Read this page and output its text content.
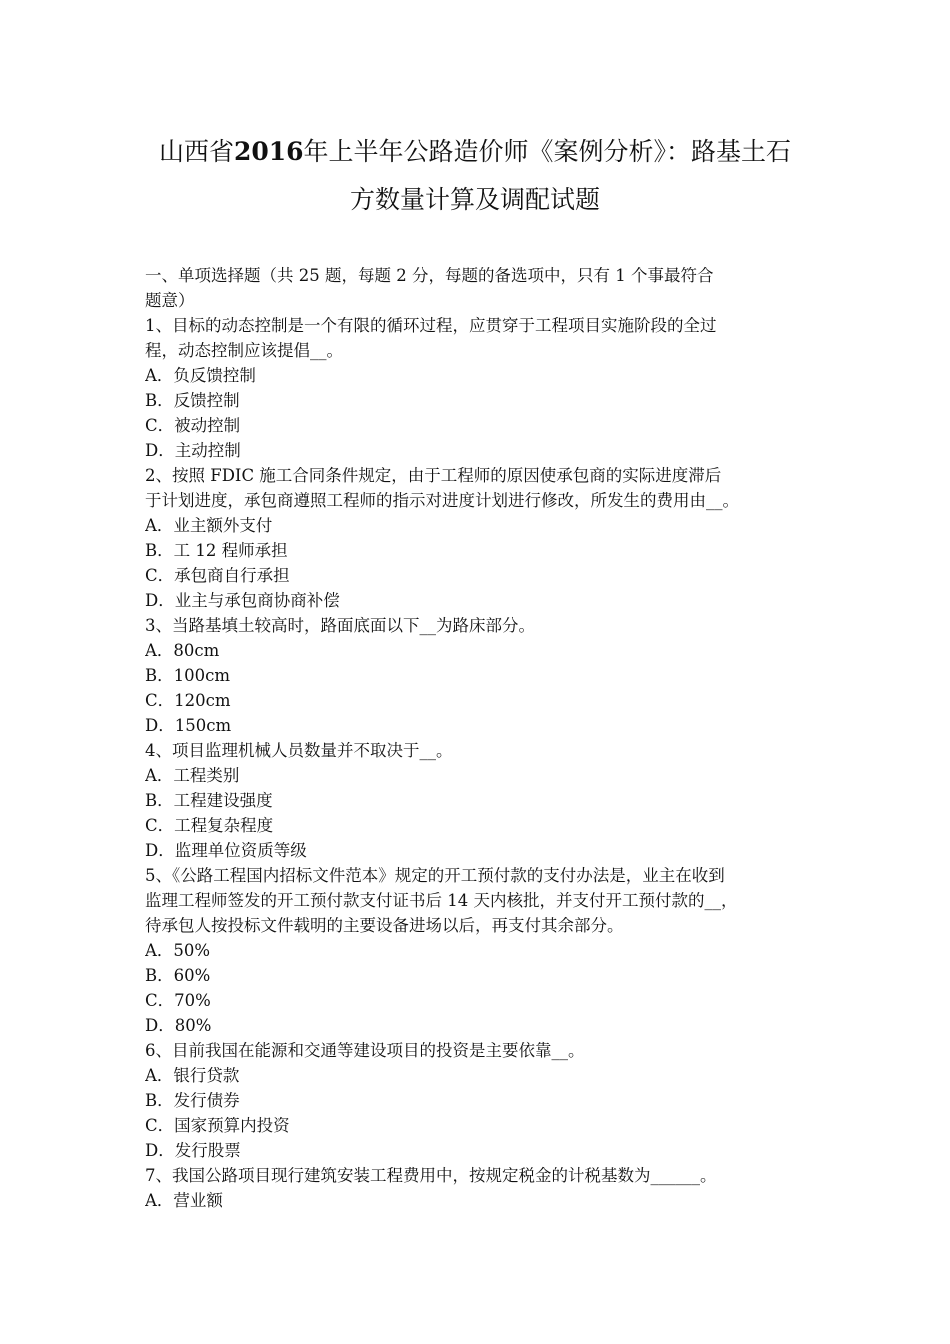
山西省2016年上半年公路造价师《案例分析》：路基土石
方数量计算及调配试题
一、单项选择题（共 25 题，每题 2 分，每题的备选项中，只有 1 个事最符合
题意）
1、目标的动态控制是一个有限的循环过程，应贯穿于工程项目实施阶段的全过
程，动态控制应该提倡__。
A．负反馈控制
B．反馈控制
C．被动控制
D．主动控制
2、按照 FDIC 施工合同条件规定，由于工程师的原因使承包商的实际进度滞后
于计划进度，承包商遵照工程师的指示对进度计划进行修改，所发生的费用由__。
A．业主额外支付
B．工 12 程师承担
C．承包商自行承担
D．业主与承包商协商补偿
3、当路基填土较高时，路面底面以下__为路床部分。
A．80cm
B．100cm
C．120cm
D．150cm
4、项目监理机械人员数量并不取决于__。
A．工程类别
B．工程建设强度
C．工程复杂程度
D．监理单位资质等级
5、《公路工程国内招标文件范本》规定的开工预付款的支付办法是，业主在收到
监理工程师签发的开工预付款支付证书后 14 天内核批，并支付开工预付款的__，
待承包人按投标文件载明的主要设备进场以后，再支付其余部分。
A．50%
B．60%
C．70%
D．80%
6、目前我国在能源和交通等建设项目的投资是主要依靠__。
A．银行贷款
B．发行债券
C．国家预算内投资
D．发行股票
7、我国公路项目现行建筑安装工程费用中，按规定税金的计税基数为______。
A．营业额
